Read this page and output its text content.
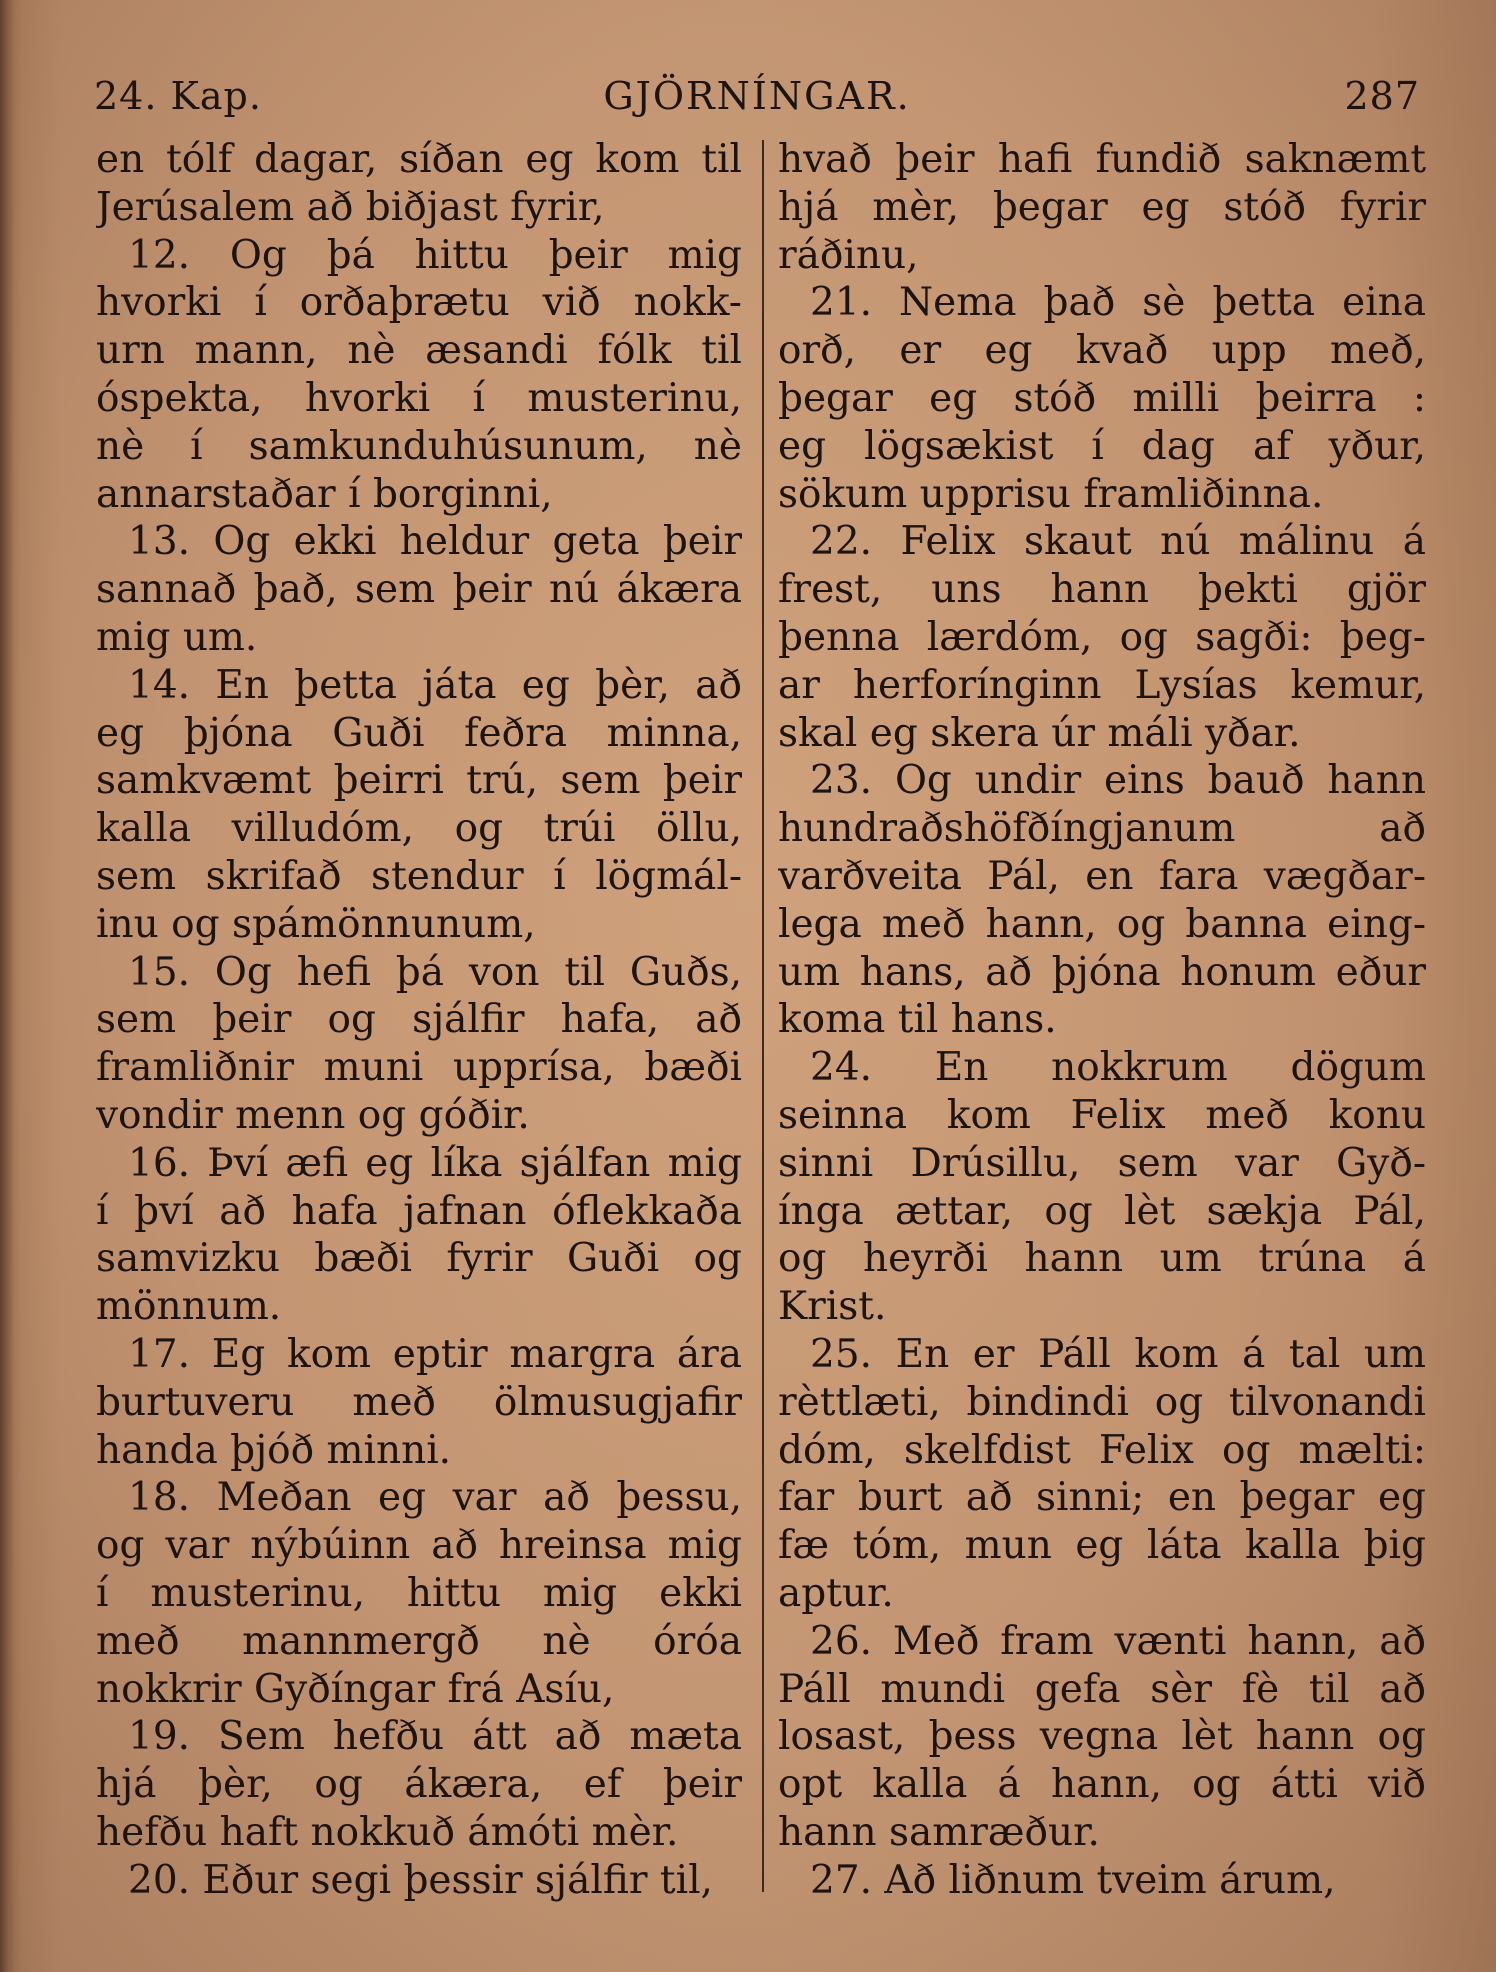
24. Kap.	GJÖRNÍNGAR.	287
en tólf dagar, síðan eg kom til
Jerúsalem að biðjast fyrir,
12. Og þá hittu þeir mig
hvorki í orðaþrætu við nokk-
urn mann, nè æsandi fólk til
óspekta, hvorki í musterinu,
nè í samkunduhúsunum, nè
annarstaðar í borginni,
13. Og ekki heldur geta þeir
sannað það, sem þeir nú ákæra
mig um.
14. En þetta játa eg þèr, að
eg þjóna Guði feðra minna,
samkvæmt þeirri trú, sem þeir
kalla villudóm, og trúi öllu,
sem skrifað stendur í lögmál-
inu og spámönnunum,
15. Og hefi þá von til Guðs,
sem þeir og sjálfir hafa, að
framliðnir muni upprísa, bæði
vondir menn og góðir.
16. Því æfi eg líka sjálfan mig
í því að hafa jafnan óflekkaða
samvizku bæði fyrir Guði og
mönnum.
17. Eg kom eptir margra ára
burtuveru með ölmusugjafir
handa þjóð minni.
18. Meðan eg var að þessu,
og var nýbúinn að hreinsa mig
í musterinu, hittu mig ekki
með mannmergð nè óróa
nokkrir Gyðíngar frá Asíu,
19. Sem hefðu átt að mæta
hjá þèr, og ákæra, ef þeir
hefðu haft nokkuð ámóti mèr.
20. Eður segi þessir sjálfir til,
hvað þeir hafi fundið saknæmt
hjá mèr, þegar eg stóð fyrir
ráðinu,
21. Nema það sè þetta eina
orð, er eg kvað upp með,
þegar eg stóð milli þeirra :
eg lögsækist í dag af yður,
sökum upprisu framliðinna.
22. Felix skaut nú málinu á
frest, uns hann þekti gjör
þenna lærdóm, og sagði: þeg-
ar herforínginn Lysías kemur,
skal eg skera úr máli yðar.
23. Og undir eins bauð hann
hundraðshöfðíngjanum að
varðveita Pál, en fara vægðar-
lega með hann, og banna eing-
um hans, að þjóna honum eður
koma til hans.
24. En nokkrum dögum
seinna kom Felix með konu
sinni Drúsillu, sem var Gyð-
ínga ættar, og lèt sækja Pál,
og heyrði hann um trúna á
Krist.
25. En er Páll kom á tal um
rèttlæti, bindindi og tilvonandi
dóm, skelfdist Felix og mælti:
far burt að sinni; en þegar eg
fæ tóm, mun eg láta kalla þig
aptur.
26. Með fram vænti hann, að
Páll mundi gefa sèr fè til að
losast, þess vegna lèt hann og
opt kalla á hann, og átti við
hann samræður.
27. Að liðnum tveim árum,
